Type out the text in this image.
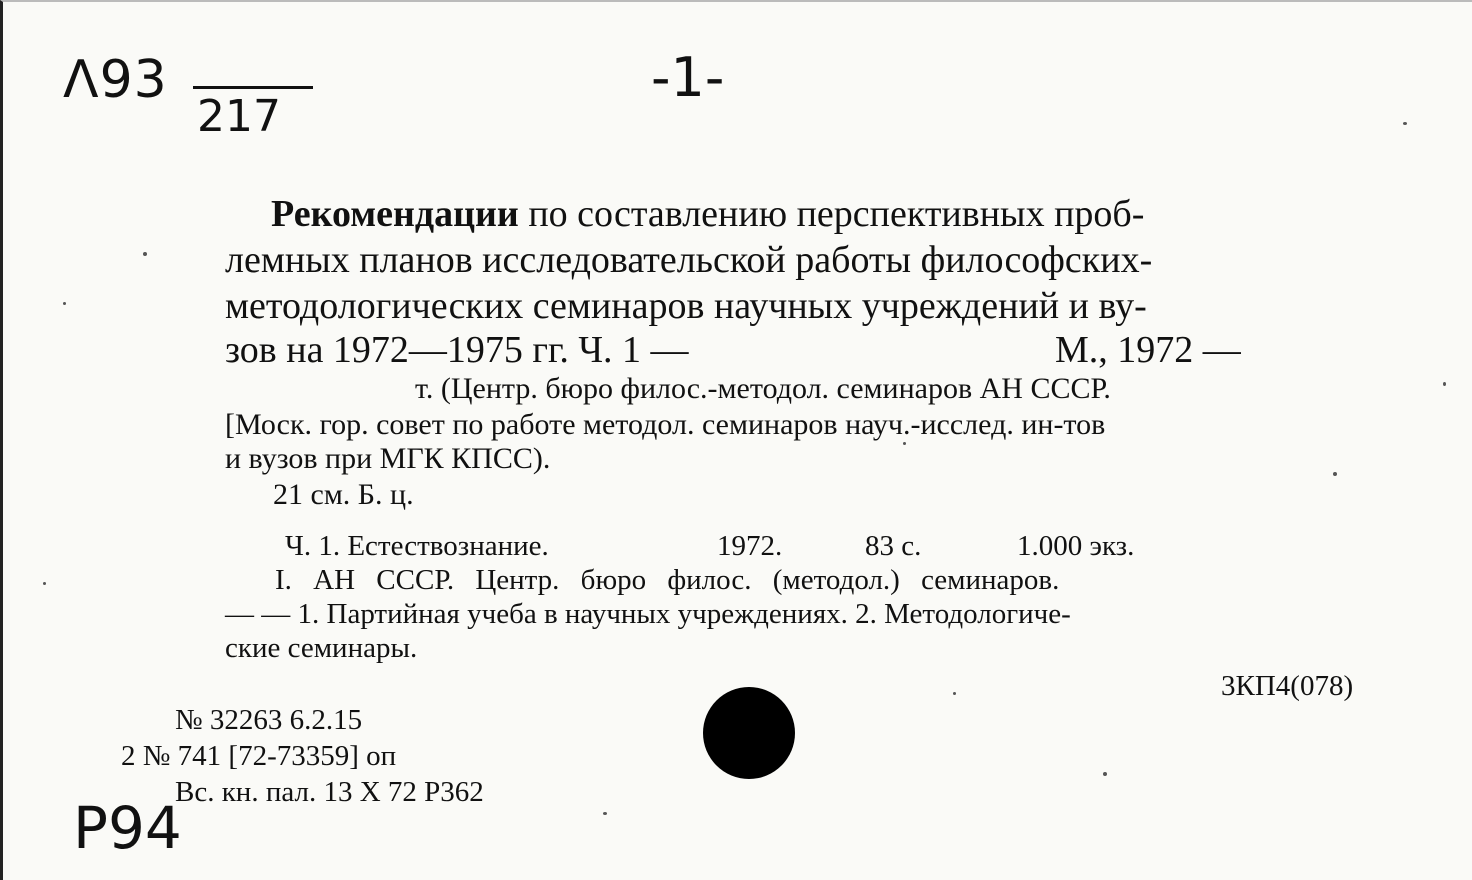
Λ93
217
-1-
Рекомендации по составлению перспективных проб-
лемных планов исследовательской работы философских-
методологических семинаров научных учреждений и ву-
зов на 1972—1975 гг. Ч. 1 —	М., 1972 —
т. (Центр. бюро филос.-методол. семинаров АН СССР.
[Моск. гор. совет по работе методол. семинаров науч.-исслед. ин-тов
и вузов при МГК КПСС).
21 см. Б. ц.
Ч. 1. Естествознание.	1972.	83 с.	1.000 экз.
I. АН СССР. Центр. бюро филос. (методол.) семинаров.
— — 1. Партийная учеба в научных учреждениях. 2. Методологиче-
ские семинары.
3КП4(078)
№ 32263 6.2.15
2 № 741 [72-73359] оп
Вс. кн. пал. 13 X 72 Р362
Р94
